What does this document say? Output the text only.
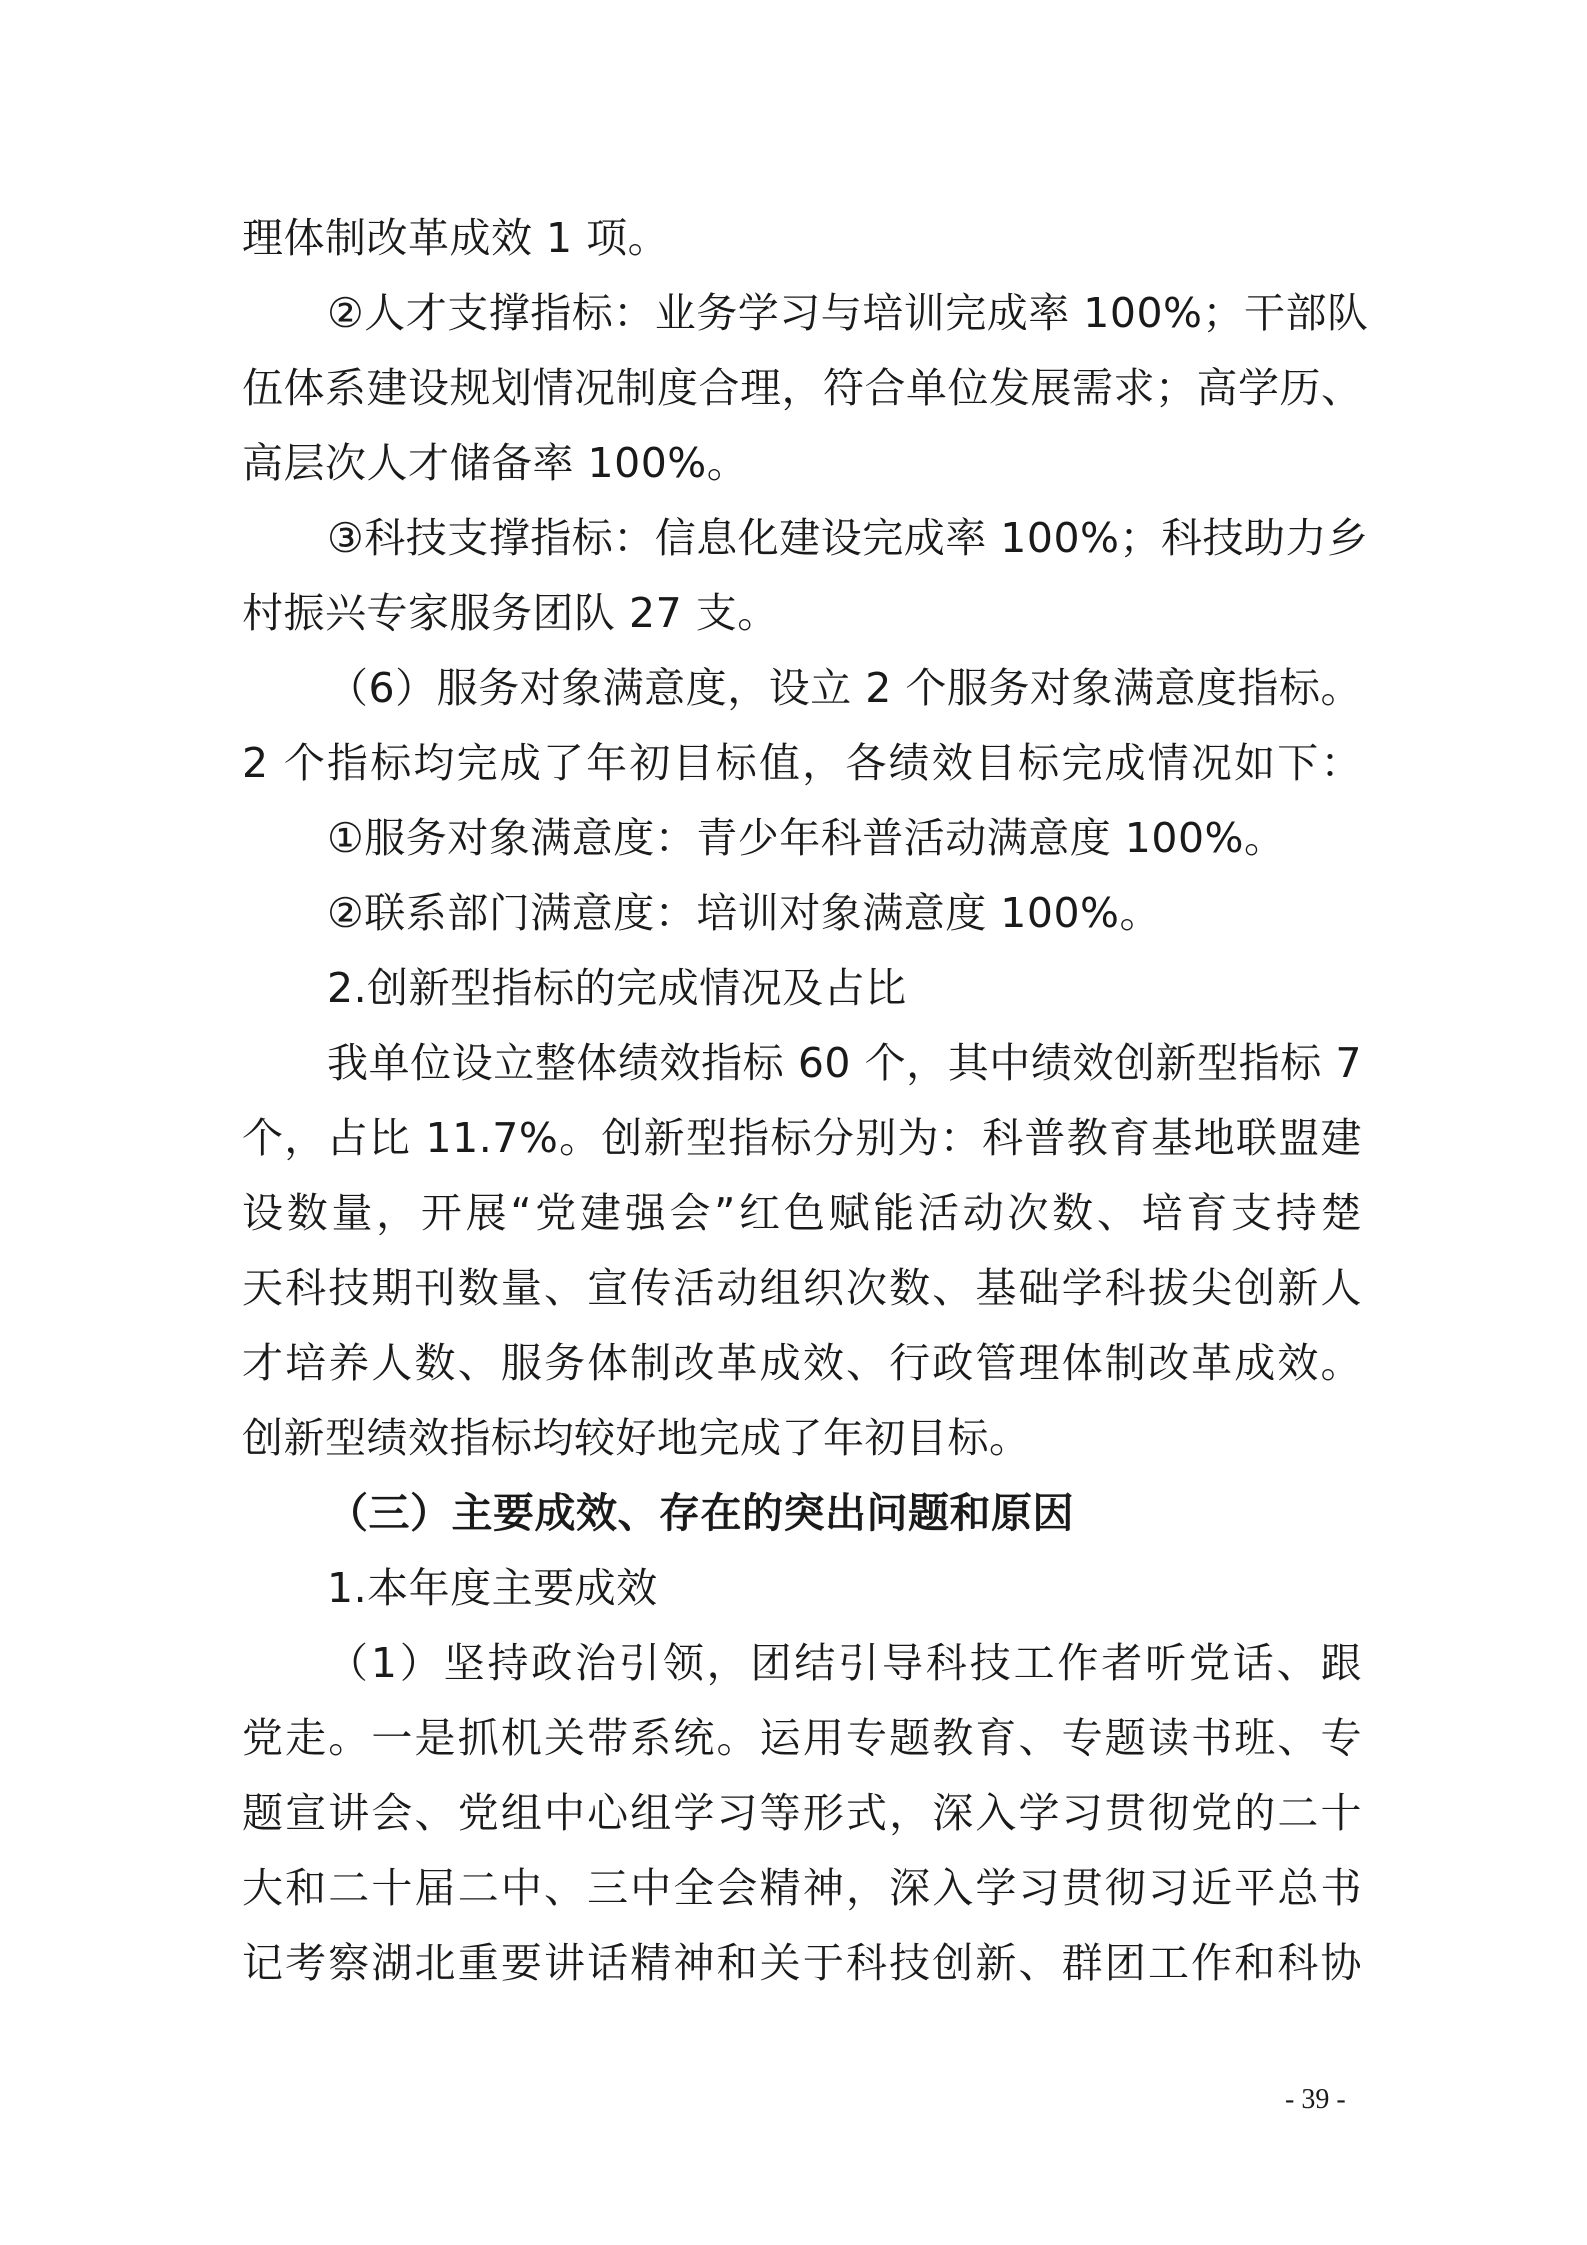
理体制改革成效 1 项。
②人才支撑指标：业务学习与培训完成率 100%；干部队
伍体系建设规划情况制度合理，符合单位发展需求；高学历、
高层次人才储备率 100%。
③科技支撑指标：信息化建设完成率 100%；科技助力乡
村振兴专家服务团队 27 支。
（6）服务对象满意度，设立 2 个服务对象满意度指标。
2 个指标均完成了年初目标值，各绩效目标完成情况如下：
①服务对象满意度：青少年科普活动满意度 100%。
②联系部门满意度：培训对象满意度 100%。
2.创新型指标的完成情况及占比
我单位设立整体绩效指标 60 个，其中绩效创新型指标 7
个，占比 11.7%。创新型指标分别为：科普教育基地联盟建
设数量，开展“党建强会”红色赋能活动次数、培育支持楚
天科技期刊数量、宣传活动组织次数、基础学科拔尖创新人
才培养人数、服务体制改革成效、行政管理体制改革成效。
创新型绩效指标均较好地完成了年初目标。
（三）主要成效、存在的突出问题和原因
1.本年度主要成效
（1）坚持政治引领，团结引导科技工作者听党话、跟
党走。一是抓机关带系统。运用专题教育、专题读书班、专
题宣讲会、党组中心组学习等形式，深入学习贯彻党的二十
大和二十届二中、三中全会精神，深入学习贯彻习近平总书
记考察湖北重要讲话精神和关于科技创新、群团工作和科协
- 39 -
